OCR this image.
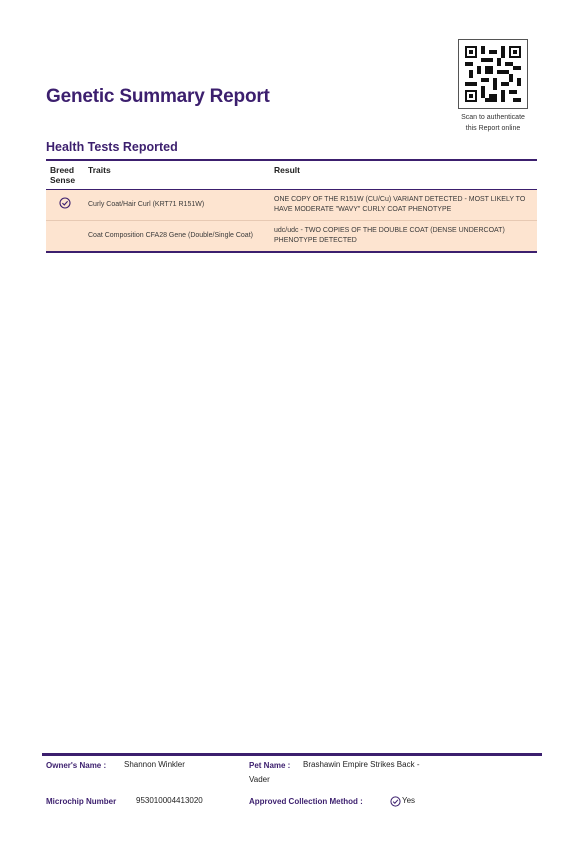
Genetic Summary Report
Scan to authenticate
this Report online
Health Tests Reported
Breed
Sense	Traits	Result
	Curly Coat/Hair Curl (KRT71 R151W)	ONE COPY OF THE R151W (CU/Cu) VARIANT DETECTED - MOST LIKELY TO
HAVE MODERATE "WAVY" CURLY COAT PHENOTYPE

	Coat Composition CFA28 Gene (Double/Single Coat)	udc/udc - TWO COPIES OF THE DOUBLE COAT (DENSE UNDERCOAT)
PHENOTYPE DETECTED
Owner's Name : Shannon Winkler	Pet Name : Brashawin Empire Strikes Back -
Vader
Microchip Number 953010004413020	Approved Collection Method :	Yes
